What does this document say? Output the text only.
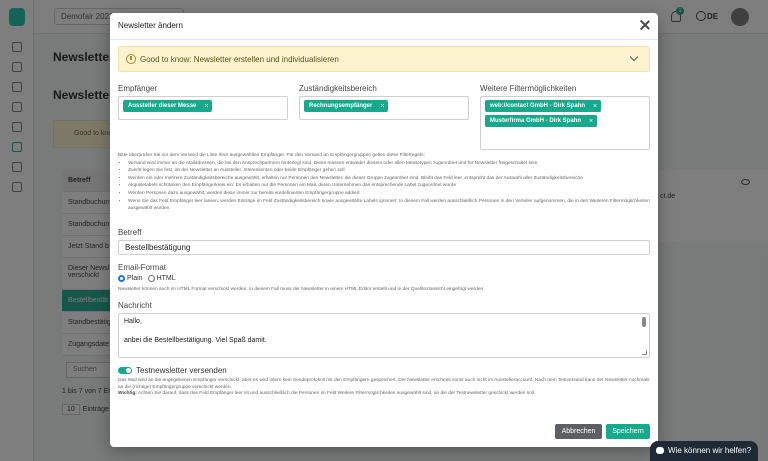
Newsletter ändern
Good to know: Newsletter erstellen und individualisieren
Empfänger
Aussteller dieser Messe ×
Zuständigkeitsbereich
Rechnungsempfänger ×
Weitere Filtermöglichkeiten
web://contact GmbH - Dirk Spahn ×
Musterfirma GmbH - Dirk Spahn ×
Bitte überprüfen Sie vor dem Versand die Liste Ihrer ausgewählten Empfänger. Für den Versand an Empfängergruppen gelten diese Filterregeln:
• Versand wird immer an die Mailadressen, die bei den Ansprechpartnern hinterlegt sind. Diese müssen entweder diesem oder allen Messetypen zugeordnet und für Newsletter freigeschaltet sein
• Zuerst legen Sie fest, ob der Newsletter an Aussteller, Interessenten oder beide Empfänger gehen soll
• Werden ein oder mehrere Zuständigkeitsbereiche ausgewählt, erhalten nur Personen den Newsletter, die dieser Gruppe zugeordnet sind. Bleibt das Feld leer, entspricht das der Auswahl aller Zuständigkeitsbereiche
• Akquiselabels schränken den Empfängerkreis ein: Es erhalten nur die Personen ein Mail, deren Unternehmen das entsprechende Label zugeordnet wurde
• Werden Personen dazu ausgewählt, werden diese immer zur bereits vordefinierten Empfängergruppe addiert
• Wenn Sie das Feld Empfänger leer lassen, werden Einträge im Feld Zuständigkeitsbereich sowie ausgewählte Labels ignoriert. In diesem Fall werden ausschließlich Personen in den Verteiler aufgenommen, die in den Weiteren Filtermöglichkeiten ausgewählt wurden.
Betreff
Bestellbestätigung
Email-Format
Plain HTML
Newsletter können auch im HTML Format verschickt werden. In diesem Fall muss der Newsletter in einem HTML Editor erstellt und in der Quelltextansicht eingefügt werden
Nachricht
Hallo,
anbei die Bestellbestätigung. Viel Spaß damit.
Testnewsletter versenden
Das Mail wird an die angegebenen Empfänger verschickt, aber es wird intern kein Sendeprotokoll mit den Empfängern gespeichert. Der Newsletter erscheint somit auch nicht im Ausstelleraccount. Nach dem Testversand kann der Newsletter nochmals an die (richtige) Empfängergruppe verschickt werden.
Wichtig: Achten Sie darauf, dass das Feld Empfänger leer ist und ausschließlich die Personen im Feld Weitere Filtermöglichkeiten ausgewählt sind, an die der Testnewsletter geschickt werden soll.
Abbrechen	Speichern
Wie können wir helfen?
